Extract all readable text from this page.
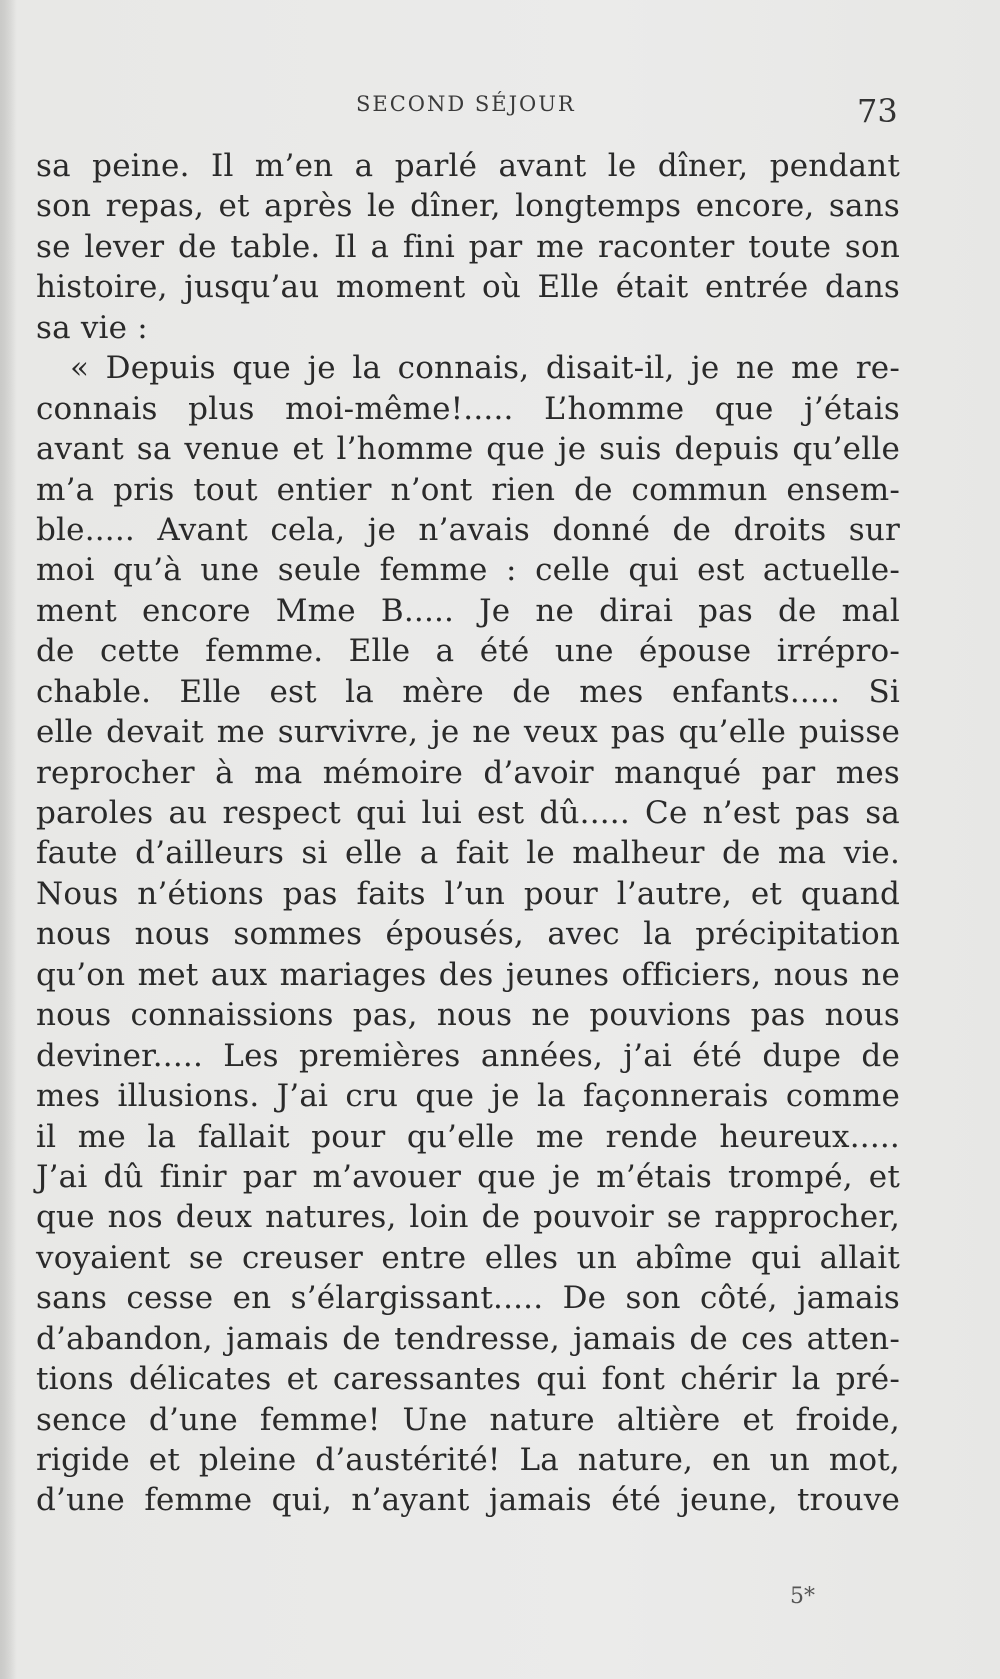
SECOND SÉJOUR	73
sa peine. Il m’en a parlé avant le dîner, pendant
son repas, et après le dîner, longtemps encore, sans
se lever de table. Il a fini par me raconter toute son
histoire, jusqu’au moment où Elle était entrée dans
sa vie :
« Depuis que je la connais, disait-il, je ne me re-
connais plus moi-même!..... L’homme que j’étais
avant sa venue et l’homme que je suis depuis qu’elle
m’a pris tout entier n’ont rien de commun ensem-
ble..... Avant cela, je n’avais donné de droits sur
moi qu’à une seule femme : celle qui est actuelle-
ment encore Mme B..... Je ne dirai pas de mal
de cette femme. Elle a été une épouse irrépro-
chable. Elle est la mère de mes enfants..... Si
elle devait me survivre, je ne veux pas qu’elle puisse
reprocher à ma mémoire d’avoir manqué par mes
paroles au respect qui lui est dû..... Ce n’est pas sa
faute d’ailleurs si elle a fait le malheur de ma vie.
Nous n’étions pas faits l’un pour l’autre, et quand
nous nous sommes épousés, avec la précipitation
qu’on met aux mariages des jeunes officiers, nous ne
nous connaissions pas, nous ne pouvions pas nous
deviner..... Les premières années, j’ai été dupe de
mes illusions. J’ai cru que je la façonnerais comme
il me la fallait pour qu’elle me rende heureux.....
J’ai dû finir par m’avouer que je m’étais trompé, et
que nos deux natures, loin de pouvoir se rapprocher,
voyaient se creuser entre elles un abîme qui allait
sans cesse en s’élargissant..... De son côté, jamais
d’abandon, jamais de tendresse, jamais de ces atten-
tions délicates et caressantes qui font chérir la pré-
sence d’une femme! Une nature altière et froide,
rigide et pleine d’austérité! La nature, en un mot,
d’une femme qui, n’ayant jamais été jeune, trouve
5*
